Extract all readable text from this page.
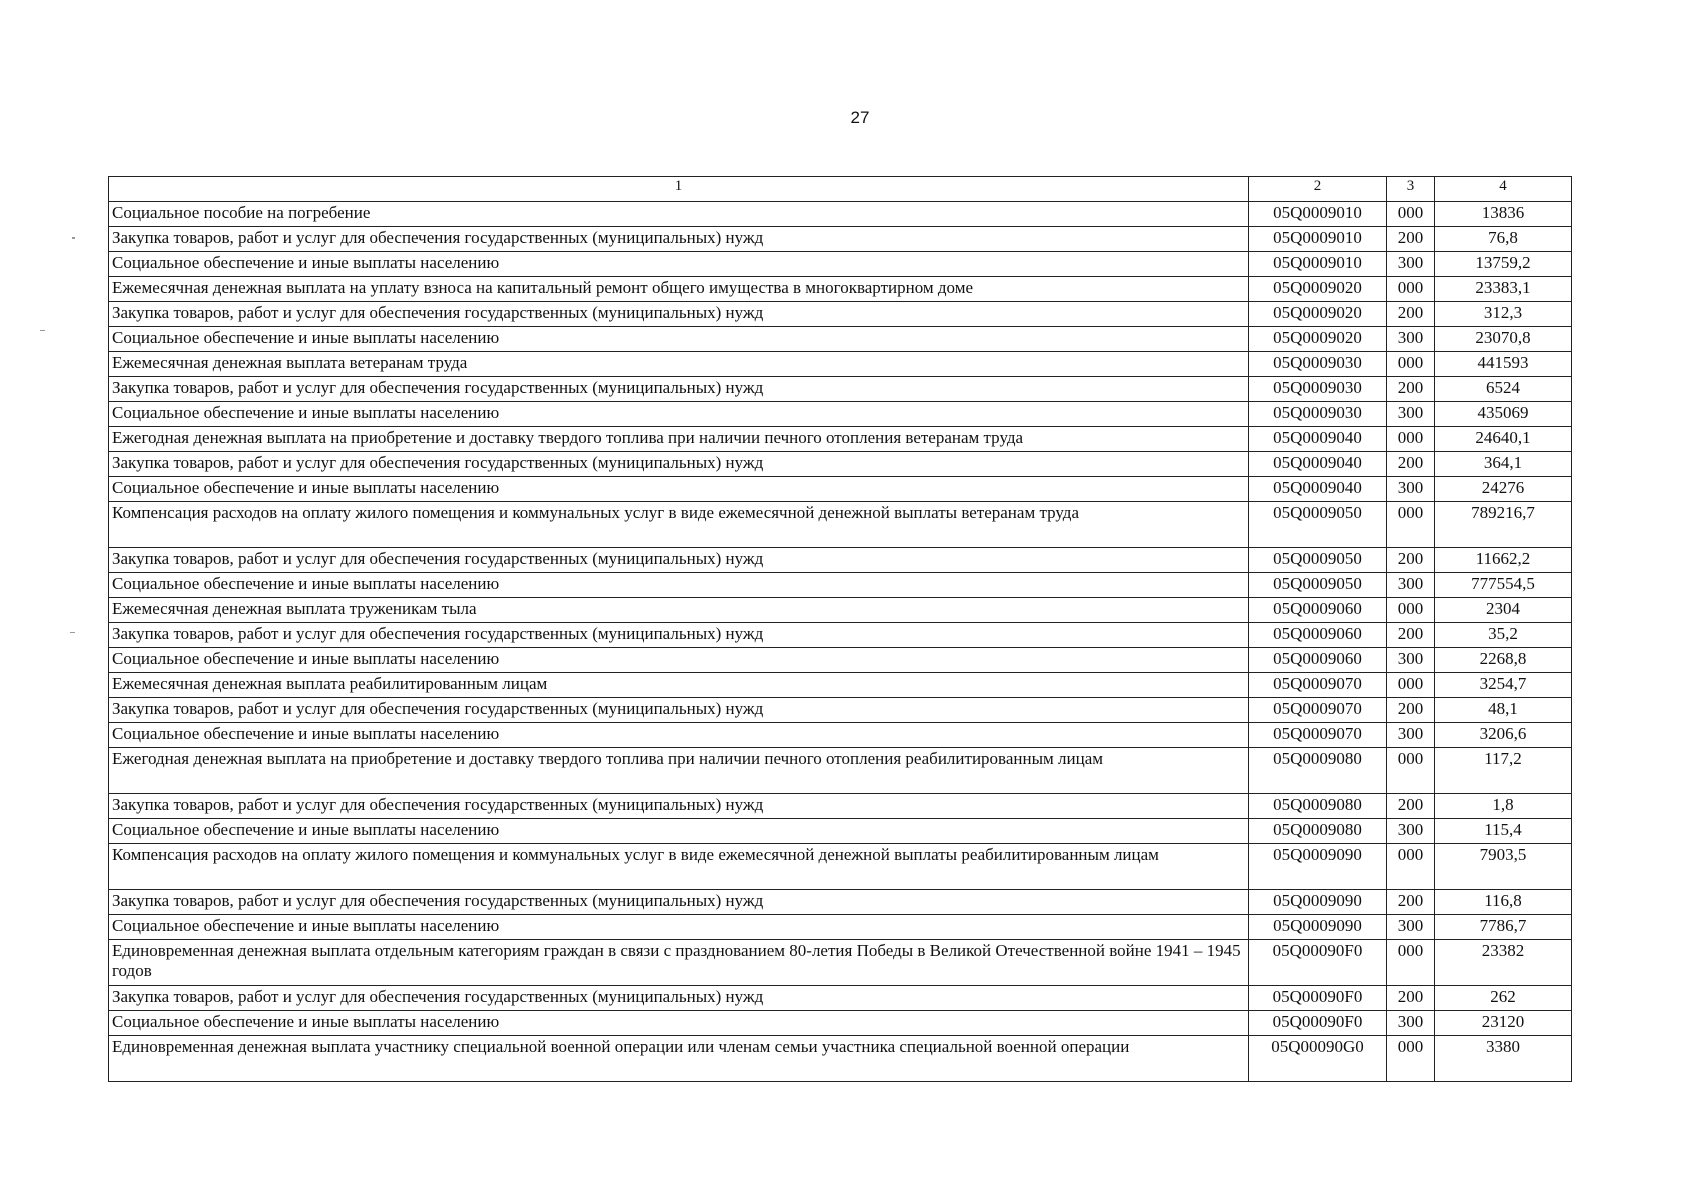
27
1	2	3	4
Социальное пособие на погребение	05Q0009010	000	13836
Закупка товаров, работ и услуг для обеспечения государственных (муниципальных) нужд	05Q0009010	200	76,8
Социальное обеспечение и иные выплаты населению	05Q0009010	300	13759,2
Ежемесячная денежная выплата на уплату взноса на капитальный ремонт общего имущества в многоквартирном доме	05Q0009020	000	23383,1
Закупка товаров, работ и услуг для обеспечения государственных (муниципальных) нужд	05Q0009020	200	312,3
Социальное обеспечение и иные выплаты населению	05Q0009020	300	23070,8
Ежемесячная денежная выплата ветеранам труда	05Q0009030	000	441593
Закупка товаров, работ и услуг для обеспечения государственных (муниципальных) нужд	05Q0009030	200	6524
Социальное обеспечение и иные выплаты населению	05Q0009030	300	435069
Ежегодная денежная выплата на приобретение и доставку твердого топлива при наличии печного отопления ветеранам труда	05Q0009040	000	24640,1
Закупка товаров, работ и услуг для обеспечения государственных (муниципальных) нужд	05Q0009040	200	364,1
Социальное обеспечение и иные выплаты населению	05Q0009040	300	24276
Компенсация расходов на оплату жилого помещения и коммунальных услуг в виде ежемесячной денежной выплаты ветеранам труда	05Q0009050	000	789216,7
Закупка товаров, работ и услуг для обеспечения государственных (муниципальных) нужд	05Q0009050	200	11662,2
Социальное обеспечение и иные выплаты населению	05Q0009050	300	777554,5
Ежемесячная денежная выплата труженикам тыла	05Q0009060	000	2304
Закупка товаров, работ и услуг для обеспечения государственных (муниципальных) нужд	05Q0009060	200	35,2
Социальное обеспечение и иные выплаты населению	05Q0009060	300	2268,8
Ежемесячная денежная выплата реабилитированным лицам	05Q0009070	000	3254,7
Закупка товаров, работ и услуг для обеспечения государственных (муниципальных) нужд	05Q0009070	200	48,1
Социальное обеспечение и иные выплаты населению	05Q0009070	300	3206,6
Ежегодная денежная выплата на приобретение и доставку твердого топлива при наличии печного отопления реабилитированным лицам	05Q0009080	000	117,2
Закупка товаров, работ и услуг для обеспечения государственных (муниципальных) нужд	05Q0009080	200	1,8
Социальное обеспечение и иные выплаты населению	05Q0009080	300	115,4
Компенсация расходов на оплату жилого помещения и коммунальных услуг в виде ежемесячной денежной выплаты реабилитированным лицам	05Q0009090	000	7903,5
Закупка товаров, работ и услуг для обеспечения государственных (муниципальных) нужд	05Q0009090	200	116,8
Социальное обеспечение и иные выплаты населению	05Q0009090	300	7786,7
Единовременная денежная выплата отдельным категориям граждан в связи с празднованием 80-летия Победы в Великой Отечественной войне 1941 – 1945 годов	05Q00090F0	000	23382
Закупка товаров, работ и услуг для обеспечения государственных (муниципальных) нужд	05Q00090F0	200	262
Социальное обеспечение и иные выплаты населению	05Q00090F0	300	23120
Единовременная денежная выплата участнику специальной военной операции или членам семьи участника специальной военной операции	05Q00090G0	000	3380
